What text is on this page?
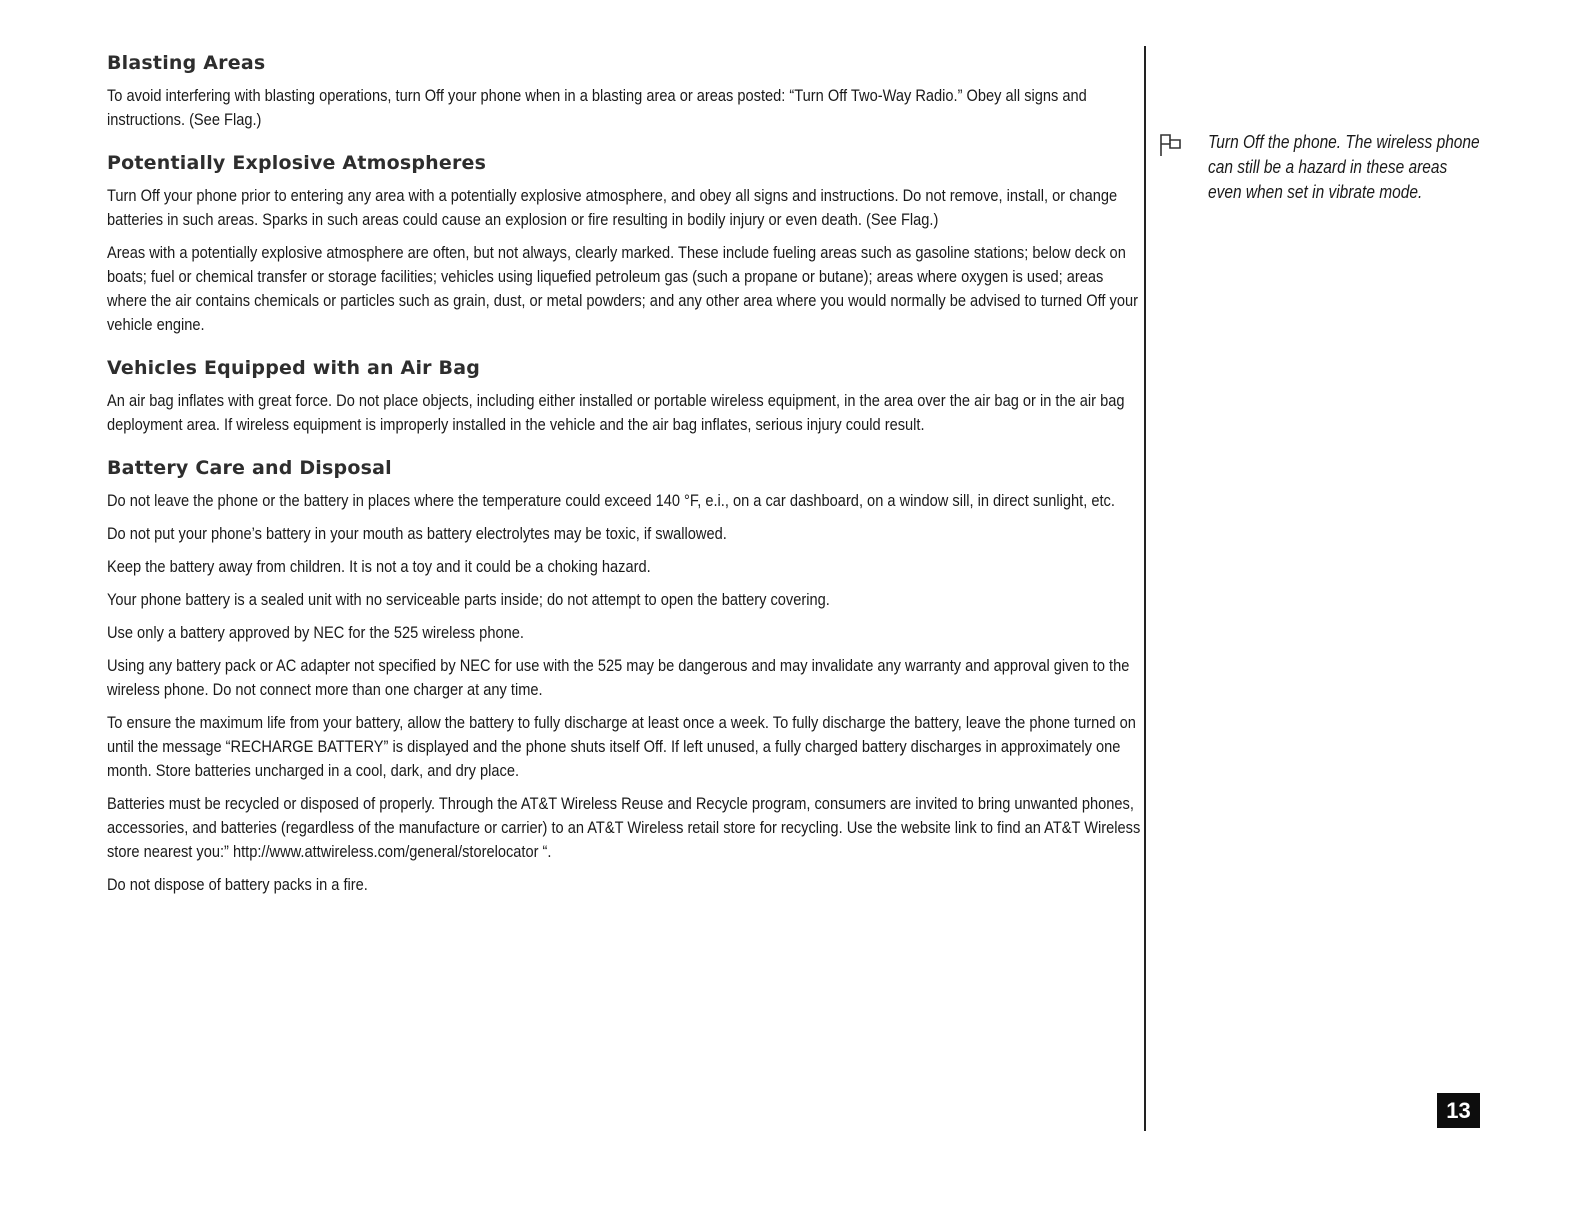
Blasting Areas

To avoid interfering with blasting operations, turn Off your phone when in a blasting area or areas posted: “Turn Off Two-Way Radio.” Obey all signs and instructions. (See Flag.)

Potentially Explosive Atmospheres

Turn Off your phone prior to entering any area with a potentially explosive atmosphere, and obey all signs and instructions. Do not remove, install, or change batteries in such areas. Sparks in such areas could cause an explosion or fire resulting in bodily injury or even death. (See Flag.)

Areas with a potentially explosive atmosphere are often, but not always, clearly marked. These include fueling areas such as gasoline stations; below deck on boats; fuel or chemical transfer or storage facilities; vehicles using liquefied petroleum gas (such a propane or butane); areas where oxygen is used; areas where the air contains chemicals or particles such as grain, dust, or metal powders; and any other area where you would normally be advised to turned Off your vehicle engine.

Vehicles Equipped with an Air Bag

An air bag inflates with great force. Do not place objects, including either installed or portable wireless equipment, in the area over the air bag or in the air bag deployment area. If wireless equipment is improperly installed in the vehicle and the air bag inflates, serious injury could result.

Battery Care and Disposal

Do not leave the phone or the battery in places where the temperature could exceed 140 °F, e.i., on a car dashboard, on a window sill, in direct sunlight, etc.

Do not put your phone’s battery in your mouth as battery electrolytes may be toxic, if swallowed.

Keep the battery away from children. It is not a toy and it could be a choking hazard.

Your phone battery is a sealed unit with no serviceable parts inside; do not attempt to open the battery covering.

Use only a battery approved by NEC for the 525 wireless phone.

Using any battery pack or AC adapter not specified by NEC for use with the 525 may be dangerous and may invalidate any warranty and approval given to the wireless phone. Do not connect more than one charger at any time.

To ensure the maximum life from your battery, allow the battery to fully discharge at least once a week. To fully discharge the battery, leave the phone turned on until the message “RECHARGE BATTERY” is displayed and the phone shuts itself Off. If left unused, a fully charged battery discharges in approximately one month. Store batteries uncharged in a cool, dark, and dry place.

Batteries must be recycled or disposed of properly. Through the AT&T Wireless Reuse and Recycle program, consumers are invited to bring unwanted phones, accessories, and batteries (regardless of the manufacture or carrier) to an AT&T Wireless retail store for recycling. Use the website link to find an AT&T Wireless store nearest you:” http://www.attwireless.com/general/storelocator “.

Do not dispose of battery packs in a fire.

Turn Off the phone. The wireless phone can still be a hazard in these areas even when set in vibrate mode.
13
